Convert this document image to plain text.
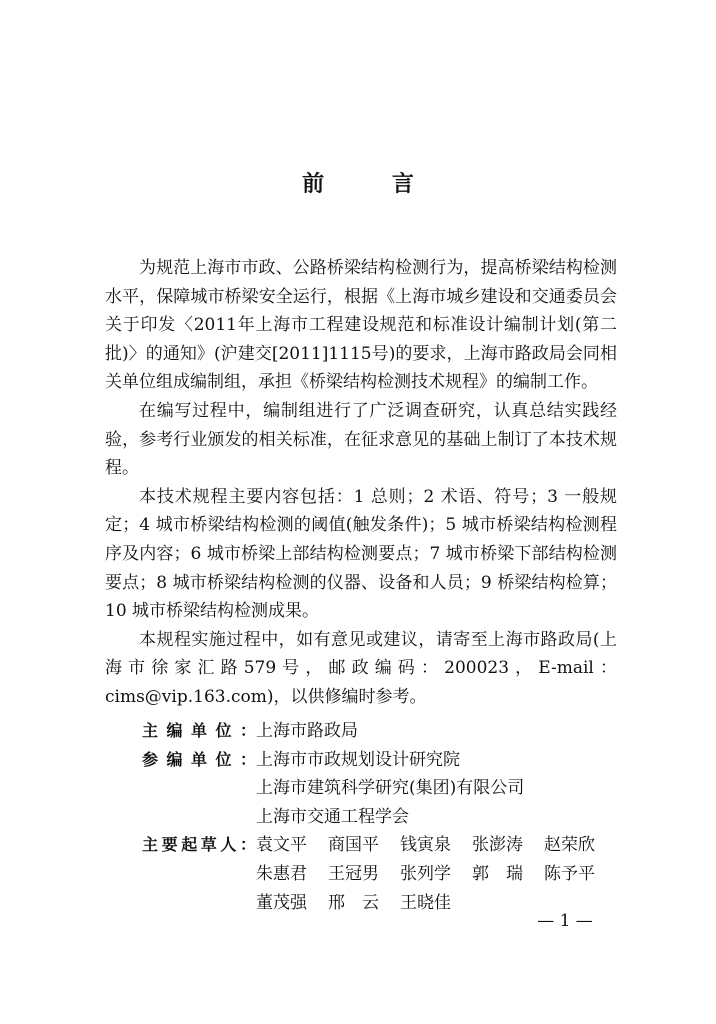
前 言

为规范上海市市政、公路桥梁结构检测行为，提高桥梁结构检测水平，保障城市桥梁安全运行，根据《上海市城乡建设和交通委员会关于印发〈2011年上海市工程建设规范和标准设计编制计划(第二批)〉的通知》(沪建交[2011]1115号)的要求，上海市路政局会同相关单位组成编制组，承担《桥梁结构检测技术规程》的编制工作。

在编写过程中，编制组进行了广泛调查研究，认真总结实践经验，参考行业颁发的相关标准，在征求意见的基础上制订了本技术规程。

本技术规程主要内容包括：1 总则；2 术语、符号；3 一般规定；4 城市桥梁结构检测的阈值(触发条件)；5 城市桥梁结构检测程序及内容；6 城市桥梁上部结构检测要点；7 城市桥梁下部结构检测要点；8 城市桥梁结构检测的仪器、设备和人员；9 桥梁结构检算；10 城市桥梁结构检测成果。

本规程实施过程中，如有意见或建议，请寄至上海市路政局(上海市徐家汇路579号，邮政编码：200023，E-mail：cims@vip.163.com)，以供修编时参考。

主编单位： 上海市路政局
参编单位： 上海市市政规划设计研究院
上海市建筑科学研究(集团)有限公司
上海市交通工程学会
主要起草人： 袁文平	商国平	钱寅泉	张澎涛	赵荣欣
朱惠君	王冠男	张列学	郭　瑞	陈予平
董茂强	邢　云	王晓佳
— 1 —
